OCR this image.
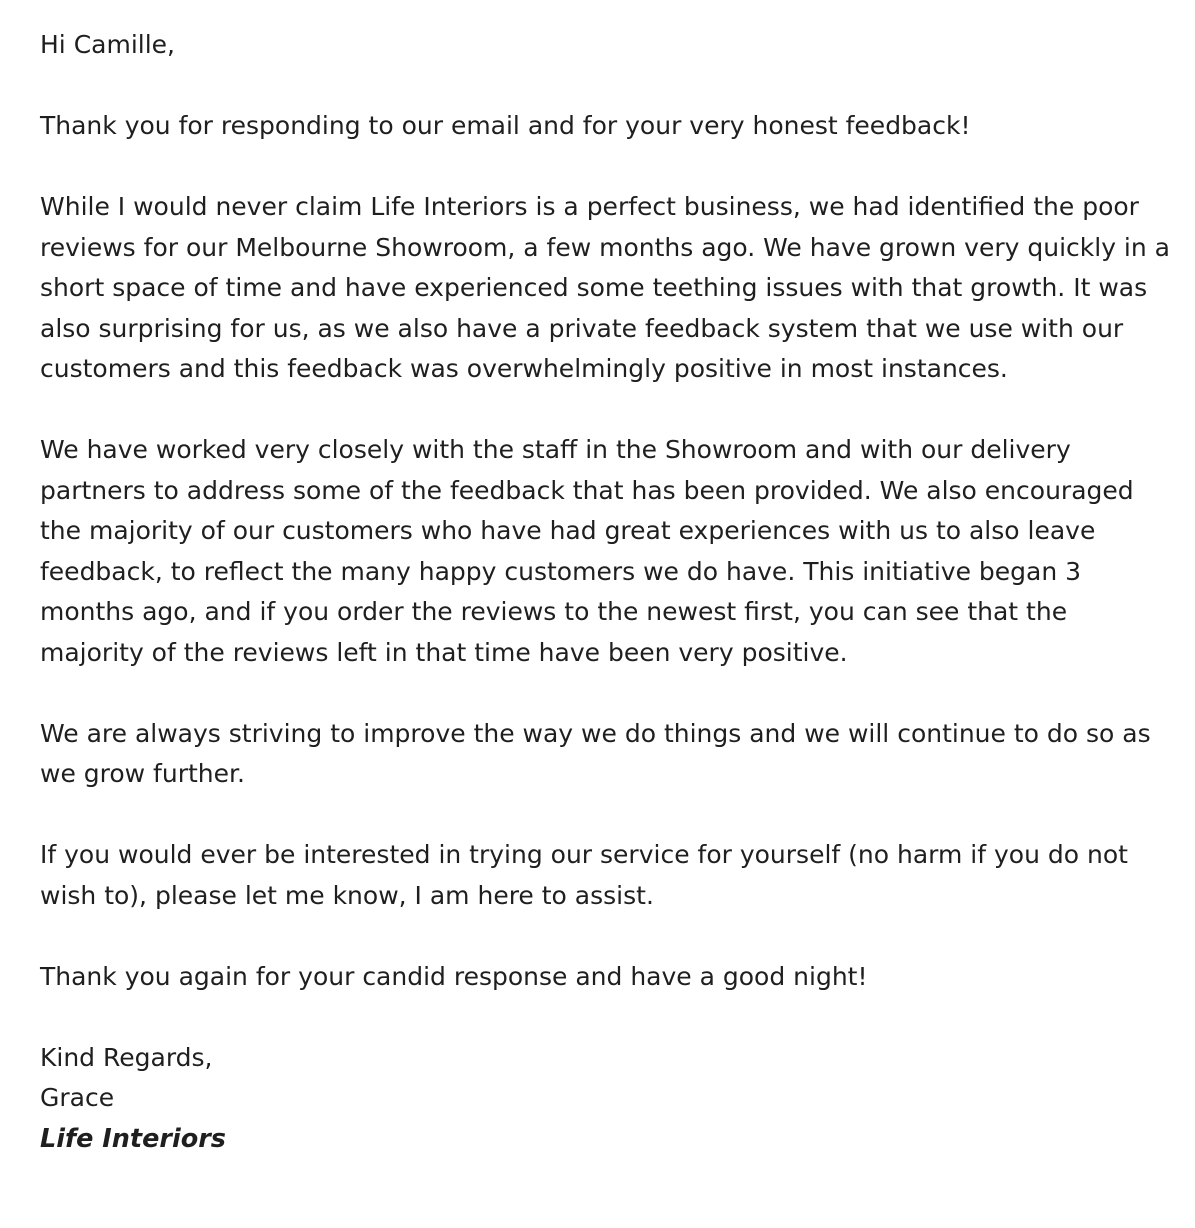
Hi Camille,

Thank you for responding to our email and for your very honest feedback!

While I would never claim Life Interiors is a perfect business, we had identified the poor reviews for our Melbourne Showroom, a few months ago. We have grown very quickly in a short space of time and have experienced some teething issues with that growth. It was also surprising for us, as we also have a private feedback system that we use with our customers and this feedback was overwhelmingly positive in most instances.

We have worked very closely with the staff in the Showroom and with our delivery partners to address some of the feedback that has been provided. We also encouraged the majority of our customers who have had great experiences with us to also leave feedback, to reflect the many happy customers we do have. This initiative began 3 months ago, and if you order the reviews to the newest first, you can see that the majority of the reviews left in that time have been very positive.

We are always striving to improve the way we do things and we will continue to do so as we grow further.

If you would ever be interested in trying our service for yourself (no harm if you do not wish to), please let me know, I am here to assist.

Thank you again for your candid response and have a good night!

Kind Regards,

Grace

Life Interiors
